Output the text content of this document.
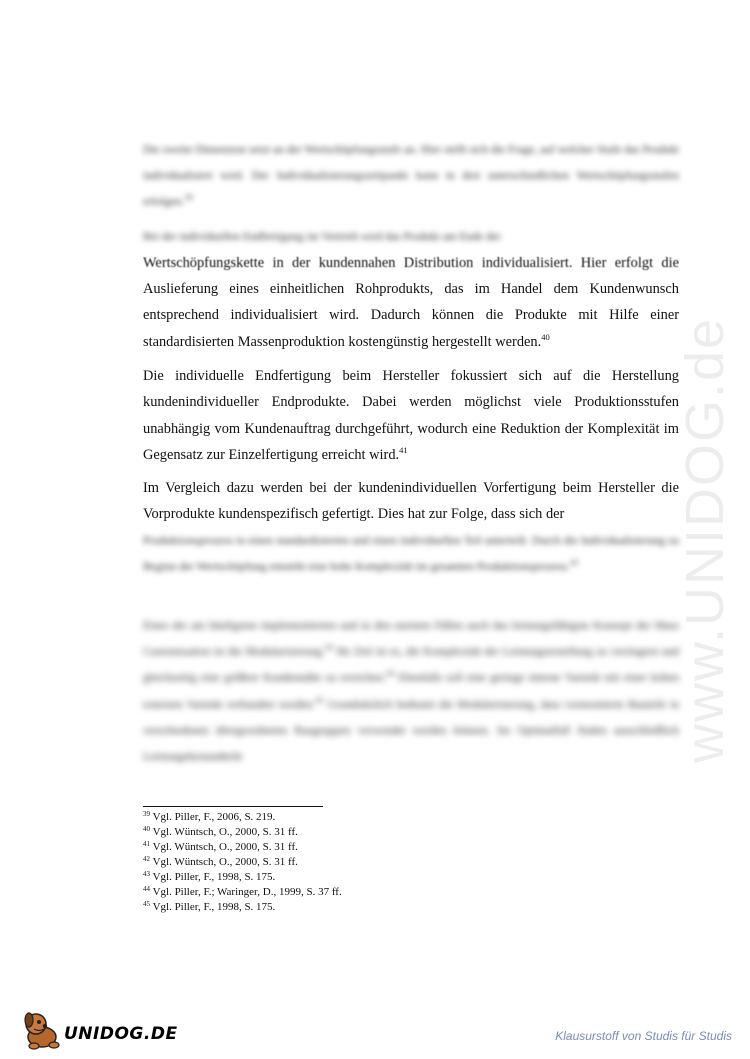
www.UNIDOG.de

Die zweite Dimension setzt an der Wertschöpfungsstufe an. Hier stellt sich die Frage, auf welcher Stufe das Produkt individualisiert wird. Der Individualisierungszeitpunkt kann in drei unterschiedlichen Wertschöpfungsstufen erfolgen.$^{39}$

Bei der individuellen Endfertigung im Vertrieb wird das Produkt am Ende der

Wertschöpfungskette in der kundennahen Distribution individualisiert. Hier erfolgt die

Auslieferung eines einheitlichen Rohprodukts, das im Handel dem Kundenwunsch entsprechend individualisiert wird. Dadurch können die Produkte mit Hilfe einer standardisierten Massenproduktion kostengünstig hergestellt werden.$^{40}$

Die individuelle Endfertigung beim Hersteller fokussiert sich auf die Herstellung kundenindividueller Endprodukte. Dabei werden möglichst viele Produktionsstufen unabhängig vom Kundenauftrag durchgeführt, wodurch eine Reduktion der Komplexität im Gegensatz zur Einzelfertigung erreicht wird.$^{41}$

Im Vergleich dazu werden bei der kundenindividuellen Vorfertigung beim Hersteller die Vorprodukte kundenspezifisch gefertigt. Dies hat zur Folge, dass sich der

Produktionsprozess in einen standardisierten und einen individuellen Teil unterteilt. Durch die Individualisierung zu Beginn der Wertschöpfung entsteht eine hohe Komplexität im gesamten Produktionsprozess.$^{42}$

Eines der am häufigsten implementierten und in den meisten Fällen auch das leistungsfähigste Konzept der Mass Customization ist die Modularisierung.$^{43}$ Ihr Ziel ist es, die Komplexität der Leistungserstellung zu verringern und gleichzeitig eine größere Kundennähe zu erreichen.$^{44}$ Ebenfalls soll eine geringe interne Varietät mit einer hohen externen Varietät verbunden werden.$^{45}$ Grundsätzlich bedeutet die Modularisierung, dass vormontierte Bauteile in verschiedenen übergeordneten Baugruppen verwendet werden können. Im Optimalfall finden ausschließlich Leistungsbestandteile

$^{39}$ Vgl. Piller, F., 2006, S. 219.
$^{40}$ Vgl. Wüntsch, O., 2000, S. 31 ff.
$^{41}$ Vgl. Wüntsch, O., 2000, S. 31 ff.
$^{42}$ Vgl. Wüntsch, O., 2000, S. 31 ff.
$^{43}$ Vgl. Piller, F., 1998, S. 175.
$^{44}$ Vgl. Piller, F.; Waringer, D., 1999, S. 37 ff.
$^{45}$ Vgl. Piller, F., 1998, S. 175.
UNIDOG.DE	Klausurstoff von Studis für Studis
